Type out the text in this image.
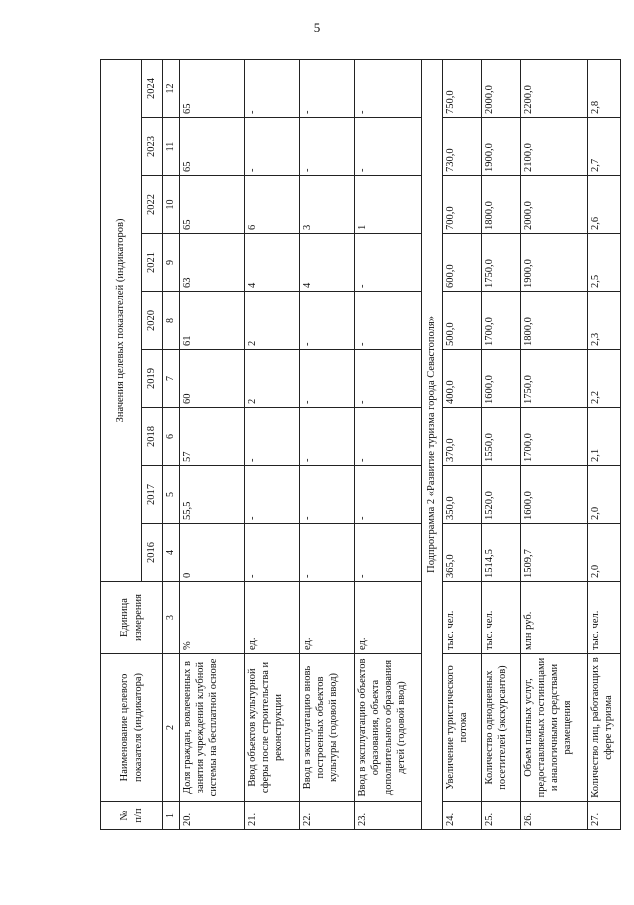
5
№ п/п	Наименование целевого показателя (индикатора)	Единица измерения	Значения целевых показателей (индикаторов)								
			2016	2017	2018	2019	2020	2021	2022	2023	2024
1	2	3	4	5	6	7	8	9	10	11	12
20.	Доля граждан, вовлеченных в занятия учреждений клубной системы на бесплатной основе	%	0	55,5	57	60	61	63	65	65	65
21.	Ввод объектов культурной сферы после строительства и реконструкции	ед.	-	-	-	2	2	4	6	-	-
22.	Ввод в эксплуатацию вновь построенных объектов культуры (годовой ввод)	ед.	-	-	-	-	-	4	3	-	-
23.	Ввод в эксплуатацию объектов образования, объекта дополнительного образования детей (годовой ввод)	ед.	-	-	-	-	-	-	1	-	-
Подпрограмма 2 «Развитие туризма города Севастополя»											
24.	Увеличение туристического потока	тыс. чел.	365,0	350,0	370,0	400,0	500,0	600,0	700,0	730,0	750,0
25.	Количество однодневных посетителей (экскурсантов)	тыс. чел.	1514,5	1520,0	1550,0	1600,0	1700,0	1750,0	1800,0	1900,0	2000,0
26.	Объем платных услуг, предоставляемых гостиницами и аналогичными средствами размещения	млн руб.	1509,7	1600,0	1700,0	1750,0	1800,0	1900,0	2000,0	2100,0	2200,0
27.	Количество лиц, работающих в сфере туризма	тыс. чел.	2,0	2,0	2,1	2,2	2,3	2,5	2,6	2,7	2,8
